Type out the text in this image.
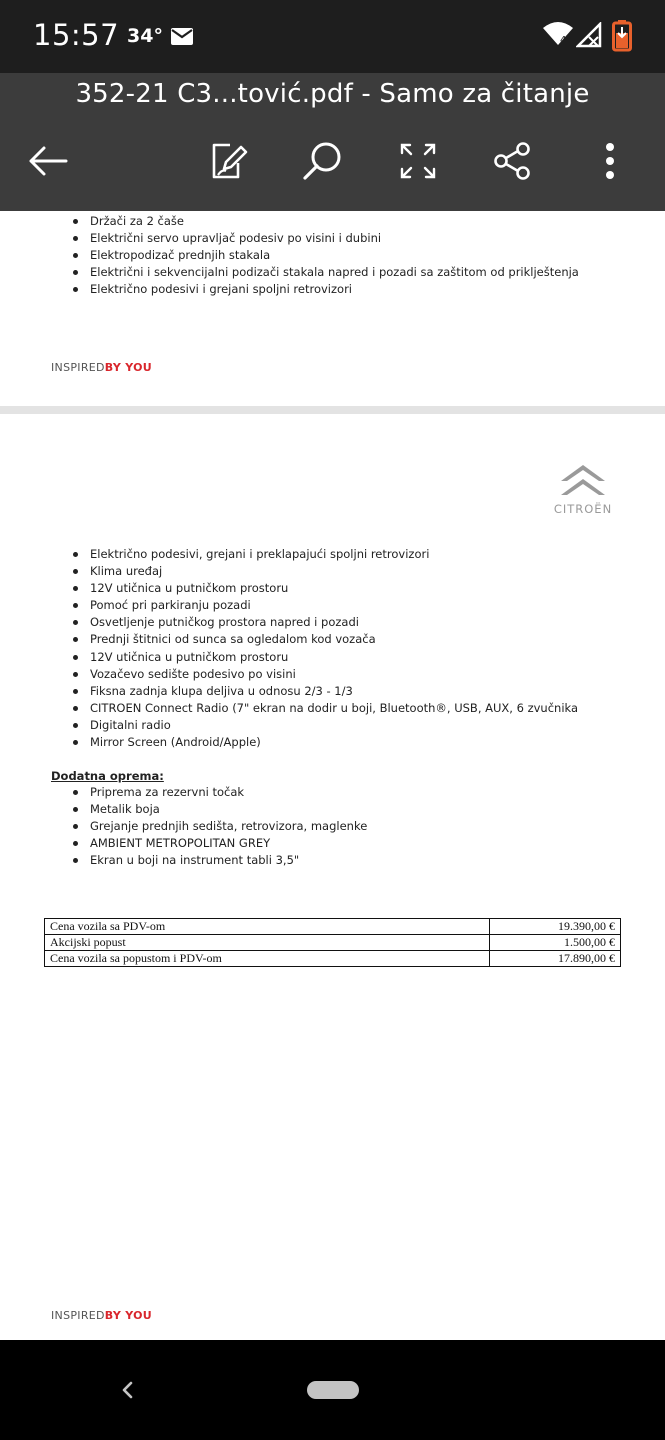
15:57 34°	4
352-21 C3...tović.pdf - Samo za čitanje
Držači za 2 čaše
Električni servo upravljač podesiv po visini i dubini
Elektropodizač prednjih stakala
Električni i sekvencijalni podizači stakala napred i pozadi sa zaštitom od priklještenja
Električno podesivi i grejani spoljni retrovizori
INSPIREDBY YOU
CITROËN
Električno podesivi, grejani i preklapajući spoljni retrovizori
Klima uređaj
12V utičnica u putničkom prostoru
Pomoć pri parkiranju pozadi
Osvetljenje putničkog prostora napred i pozadi
Prednji štitnici od sunca sa ogledalom kod vozača
12V utičnica u putničkom prostoru
Vozačevo sedište podesivo po visini
Fiksna zadnja klupa deljiva u odnosu 2/3 - 1/3
CITROEN Connect Radio (7" ekran na dodir u boji, Bluetooth®, USB, AUX, 6 zvučnika
Digitalni radio
Mirror Screen (Android/Apple)
Dodatna oprema:
Priprema za rezervni točak
Metalik boja
Grejanje prednjih sedišta, retrovizora, maglenke
AMBIENT METROPOLITAN GREY
Ekran u boji na instrument tabli 3,5"
Cena vozila sa PDV-om	19.390,00 €
Akcijski popust	1.500,00 €
Cena vozila sa popustom i PDV-om	17.890,00 €
INSPIREDBY YOU
